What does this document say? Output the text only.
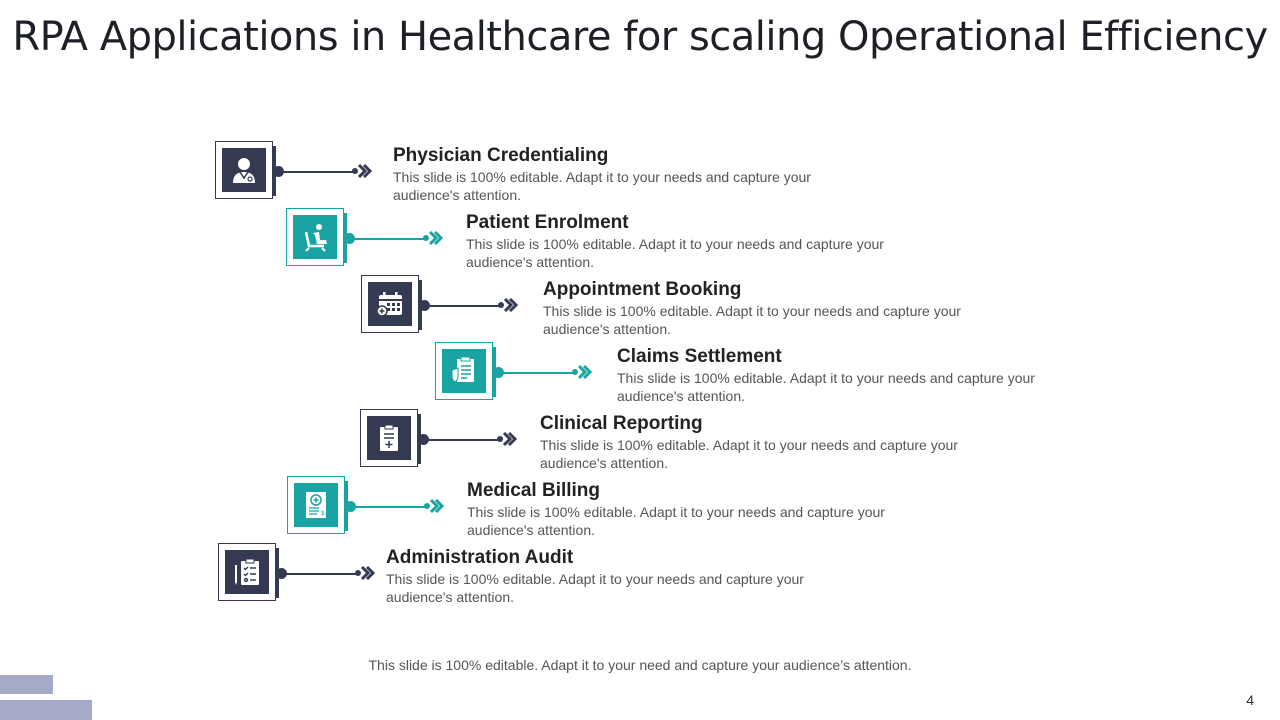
RPA Applications in Healthcare for scaling Operational Efficiency
Physician Credentialing
This slide is 100% editable. Adapt it to your needs and capture your audience's attention.
Patient Enrolment
This slide is 100% editable. Adapt it to your needs and capture your audience's attention.
Appointment Booking
This slide is 100% editable. Adapt it to your needs and capture your audience's attention.
Claims Settlement
This slide is 100% editable. Adapt it to your needs and capture your audience's attention.
Clinical Reporting
This slide is 100% editable. Adapt it to your needs and capture your audience's attention.
$
Medical Billing
This slide is 100% editable. Adapt it to your needs and capture your audience's attention.
Administration Audit
This slide is 100% editable. Adapt it to your needs and capture your audience's attention.
This slide is 100% editable. Adapt it to your need and capture your audience’s attention.
4
